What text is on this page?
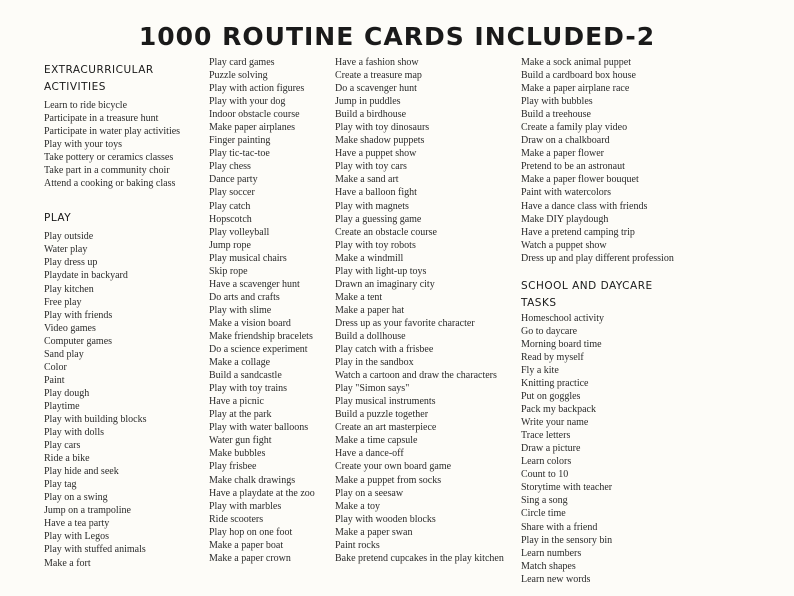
1000 ROUTINE CARDS INCLUDED-2
EXTRACURRICULAR
ACTIVITIES
Learn to ride bicycle
Participate in a treasure hunt
Participate in water play activities
Play with your toys
Take pottery or ceramics classes
Take part in a community choir
Attend a cooking or baking class
PLAY
Play outside
Water play
Play dress up
Playdate in backyard
Play kitchen
Free play
Play with friends
Video games
Computer games
Sand play
Color
Paint
Play dough
Playtime
Play with building blocks
Play with dolls
Play cars
Ride a bike
Play hide and seek
Play tag
Play on a swing
Jump on a trampoline
Have a tea party
Play with Legos
Play with stuffed animals
Make a fort
Play card games
Puzzle solving
Play with action figures
Play with your dog
Indoor obstacle course
Make paper airplanes
Finger painting
Play tic-tac-toe
Play chess
Dance party
Play soccer
Play catch
Hopscotch
Play volleyball
Jump rope
Play musical chairs
Skip rope
Have a scavenger hunt
Do arts and crafts
Play with slime
Make a vision board
Make friendship bracelets
Do a science experiment
Make a collage
Build a sandcastle
Play with toy trains
Have a picnic
Play at the park
Play with water balloons
Water gun fight
Make bubbles
Play frisbee
Make chalk drawings
Have a playdate at the zoo
Play with marbles
Ride scooters
Play hop on one foot
Make a paper boat
Make a paper crown
Have a fashion show
Create a treasure map
Do a scavenger hunt
Jump in puddles
Build a birdhouse
Play with toy dinosaurs
Make shadow puppets
Have a puppet show
Play with toy cars
Make a sand art
Have a balloon fight
Play with magnets
Play a guessing game
Create an obstacle course
Play with toy robots
Make a windmill
Play with light-up toys
Drawn an imaginary city
Make a tent
Make a paper hat
Dress up as your favorite character
Build a dollhouse
Play catch with a frisbee
Play in the sandbox
Watch a cartoon and draw the characters
Play "Simon says"
Play musical instruments
Build a puzzle together
Create an art masterpiece
Make a time capsule
Have a dance-off
Create your own board game
Make a puppet from socks
Play on a seesaw
Make a toy
Play with wooden blocks
Make a paper swan
Paint rocks
Bake pretend cupcakes in the play kitchen
Make a sock animal puppet
Build a cardboard box house
Make a paper airplane race
Play with bubbles
Build a treehouse
Create a family play video
Draw on a chalkboard
Make a paper flower
Pretend to be an astronaut
Make a paper flower bouquet
Paint with watercolors
Have a dance class with friends
Make DIY playdough
Have a pretend camping trip
Watch a puppet show
Dress up and play different profession
SCHOOL AND DAYCARE TASKS
Homeschool activity
Go to daycare
Morning board time
Read by myself
Fly a kite
Knitting practice
Put on goggles
Pack my backpack
Write your name
Trace letters
Draw a picture
Learn colors
Count to 10
Storytime with teacher
Sing a song
Circle time
Share with a friend
Play in the sensory bin
Learn numbers
Match shapes
Learn new words
